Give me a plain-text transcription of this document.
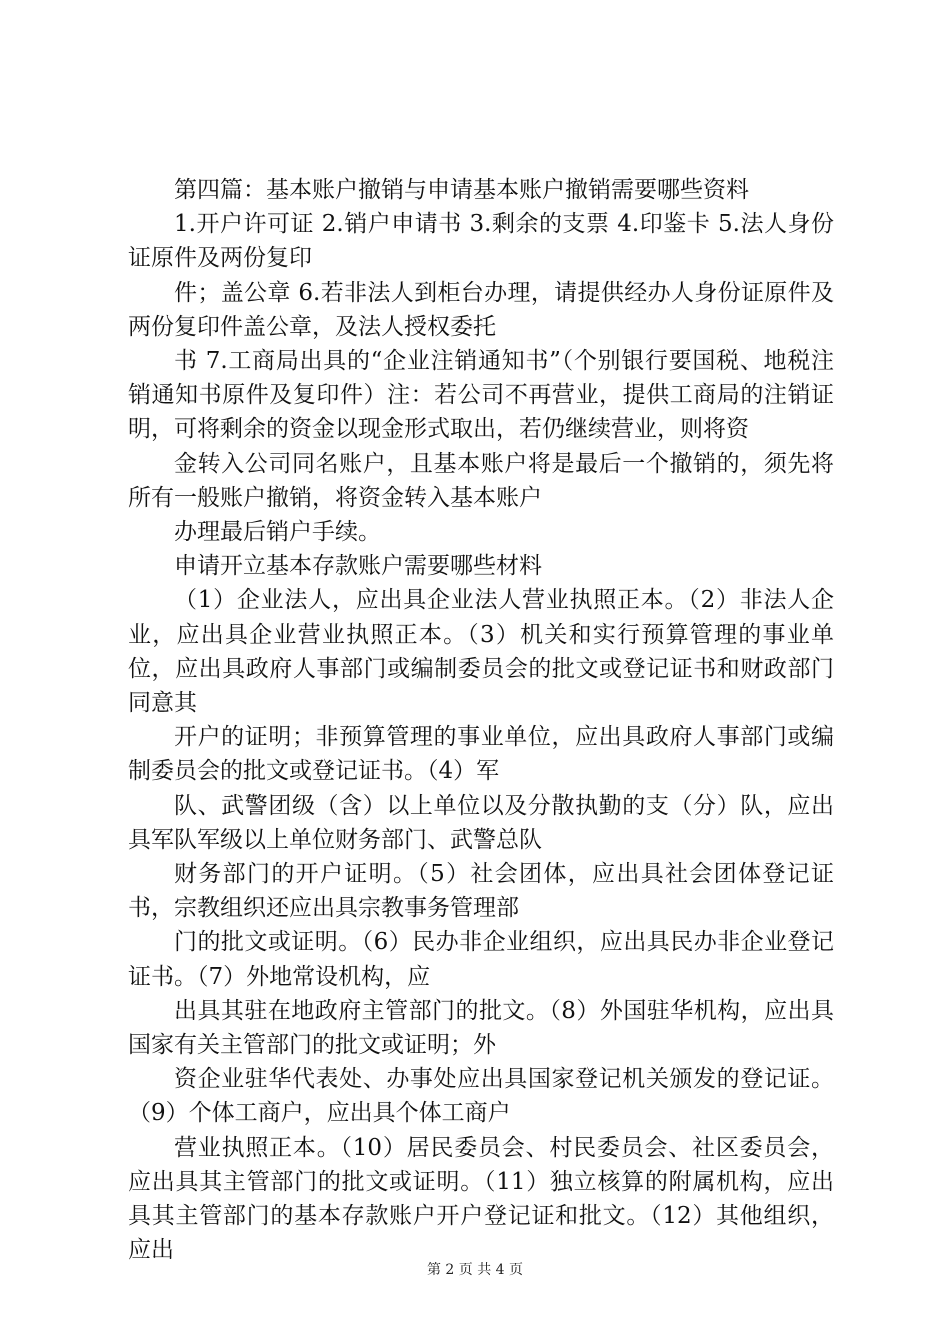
第四篇：基本账户撤销与申请基本账户撤销需要哪些资料

1.开户许可证 2.销户申请书 3.剩余的支票 4.印鉴卡 5.法人身份证原件及两份复印

件；盖公章 6.若非法人到柜台办理，请提供经办人身份证原件及两份复印件盖公章，及法人授权委托

书 7.工商局出具的“企业注销通知书”（个别银行要国税、地税注销通知书原件及复印件）注：若公司不再营业，提供工商局的注销证明，可将剩余的资金以现金形式取出，若仍继续营业，则将资

金转入公司同名账户，且基本账户将是最后一个撤销的，须先将所有一般账户撤销，将资金转入基本账户

办理最后销户手续。

申请开立基本存款账户需要哪些材料

（1）企业法人，应出具企业法人营业执照正本。（2）非法人企业，应出具企业营业执照正本。（3）机关和实行预算管理的事业单位，应出具政府人事部门或编制委员会的批文或登记证书和财政部门同意其

开户的证明；非预算管理的事业单位，应出具政府人事部门或编制委员会的批文或登记证书。（4）军

队、武警团级（含）以上单位以及分散执勤的支（分）队，应出具军队军级以上单位财务部门、武警总队

财务部门的开户证明。（5）社会团体，应出具社会团体登记证书，宗教组织还应出具宗教事务管理部

门的批文或证明。（6）民办非企业组织，应出具民办非企业登记证书。（7）外地常设机构，应

出具其驻在地政府主管部门的批文。（8）外国驻华机构，应出具国家有关主管部门的批文或证明；外

资企业驻华代表处、办事处应出具国家登记机关颁发的登记证。（9）个体工商户，应出具个体工商户

营业执照正本。（10）居民委员会、村民委员会、社区委员会，应出具其主管部门的批文或证明。（11）独立核算的附属机构，应出具其主管部门的基本存款账户开户登记证和批文。（12）其他组织，应出

第 2 页 共 4 页
